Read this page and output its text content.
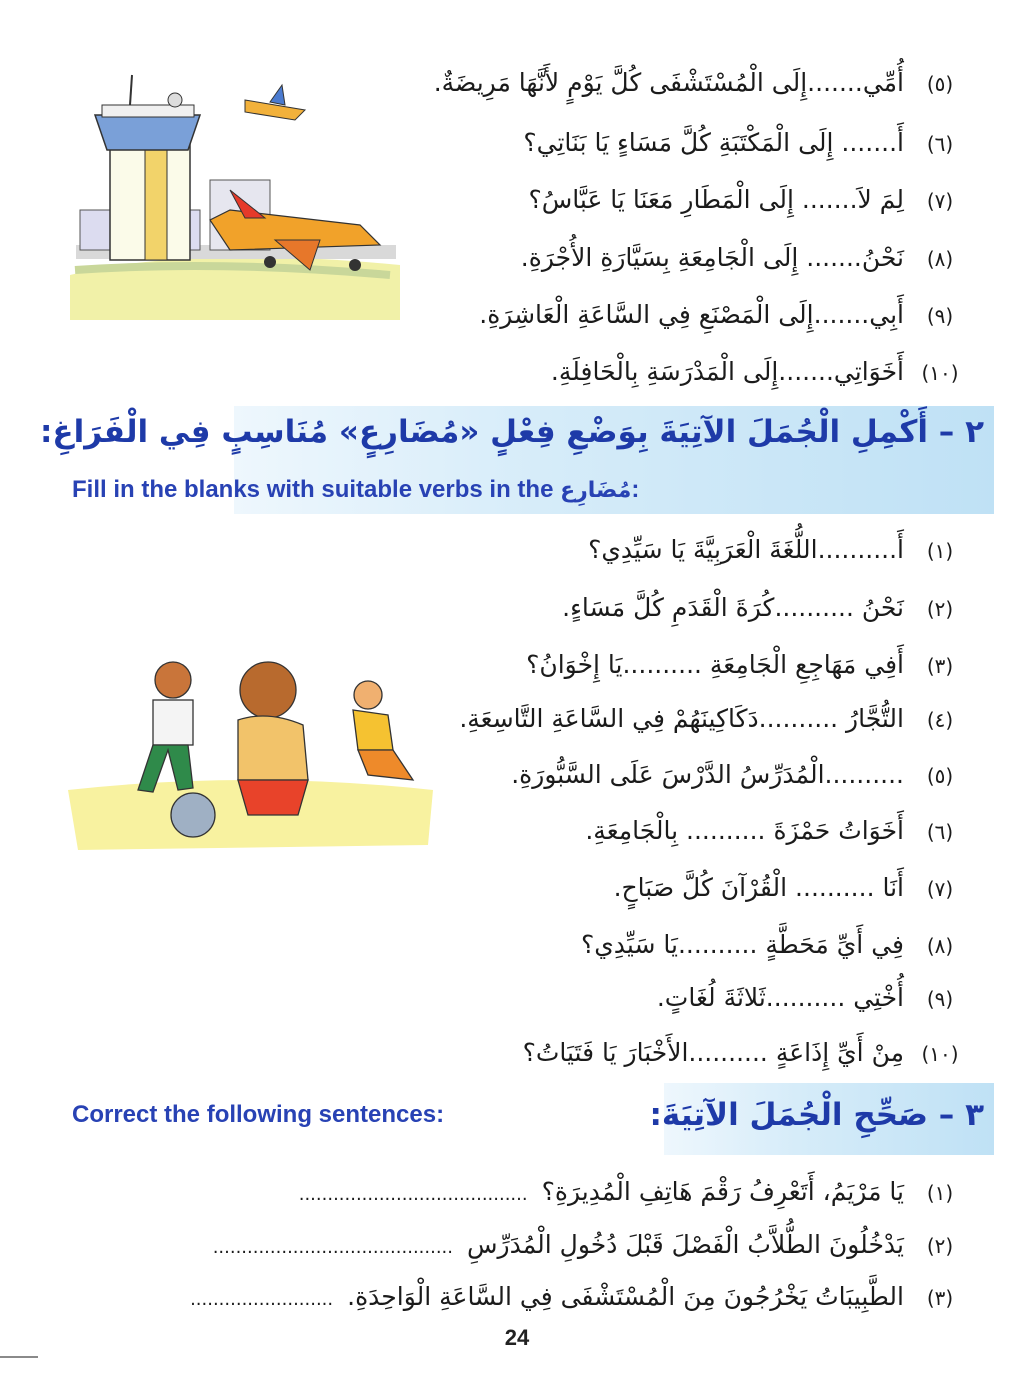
(٥)
أُمِّي.......إِلَى الْمُسْتَشْفَى كُلَّ يَوْمٍ لأَنَّهَا مَرِيضَةٌ.
(٦)
أَ....... إِلَى الْمَكْتَبَةِ كُلَّ مَسَاءٍ يَا بَنَاتِي؟
(٧)
لِمَ لاَ....... إِلَى الْمَطَارِ مَعَنَا يَا عَبَّاسُ؟
(٨)
نَحْنُ....... إِلَى الْجَامِعَةِ بِسَيَّارَةِ الأُجْرَةِ.
(٩)
أَبِي.......إِلَى الْمَصْنَعِ فِي السَّاعَةِ الْعَاشِرَةِ.
(١٠)
أَخَوَاتِي.......إِلَى الْمَدْرَسَةِ بِالْحَافِلَةِ.
٢ – أَكْمِلِ الْجُمَلَ الآتِيَةَ بِوَضْعِ فِعْلٍ «مُضَارِعٍ» مُنَاسِبٍ فِي الْفَرَاغِ:
Fill in the blanks with suitable verbs in the مُضَارِع:
(١)
أَ..........اللُّغَةَ الْعَرَبِيَّةَ يَا سَيِّدِي؟
(٢)
نَحْنُ ..........كُرَةَ الْقَدَمِ كُلَّ مَسَاءٍ.
(٣)
أَفِي مَهَاجِعِ الْجَامِعَةِ ..........يَا إِخْوَانُ؟
(٤)
التُّجَّارُ ..........دَكَاكِينَهُمْ فِي السَّاعَةِ التَّاسِعَةِ.
(٥)
..........الْمُدَرِّسُ الدَّرْسَ عَلَى السَّبُّورَةِ.
(٦)
أَخَوَاتُ حَمْزَةَ .......... بِالْجَامِعَةِ.
(٧)
أَنَا .......... الْقُرْآنَ كُلَّ صَبَاحٍ.
(٨)
فِي أَيِّ مَحَطَّةٍ ..........يَا سَيِّدِي؟
(٩)
أُخْتِي ..........ثَلاثَةَ لُغَاتٍ.
(١٠)
مِنْ أَيِّ إِذَاعَةٍ ..........الأَخْبَارَ يَا فَتَيَاتُ؟
٣ – صَحِّحِ الْجُمَلَ الآتِيَةَ:
Correct the following sentences:
(١)
يَا مَرْيَمُ، أَتَعْرِفُ رَقْمَ هَاتِفِ الْمُدِيرَةِ؟
........................................
(٢)
يَدْخُلُونَ الطُّلاَّبُ الْفَصْلَ قَبْلَ دُخُولِ الْمُدَرِّسِ
..........................................
(٣)
الطَّبِيبَاتُ يَخْرُجُونَ مِنَ الْمُسْتَشْفَى فِي السَّاعَةِ الْوَاحِدَةِ.
.........................
24
